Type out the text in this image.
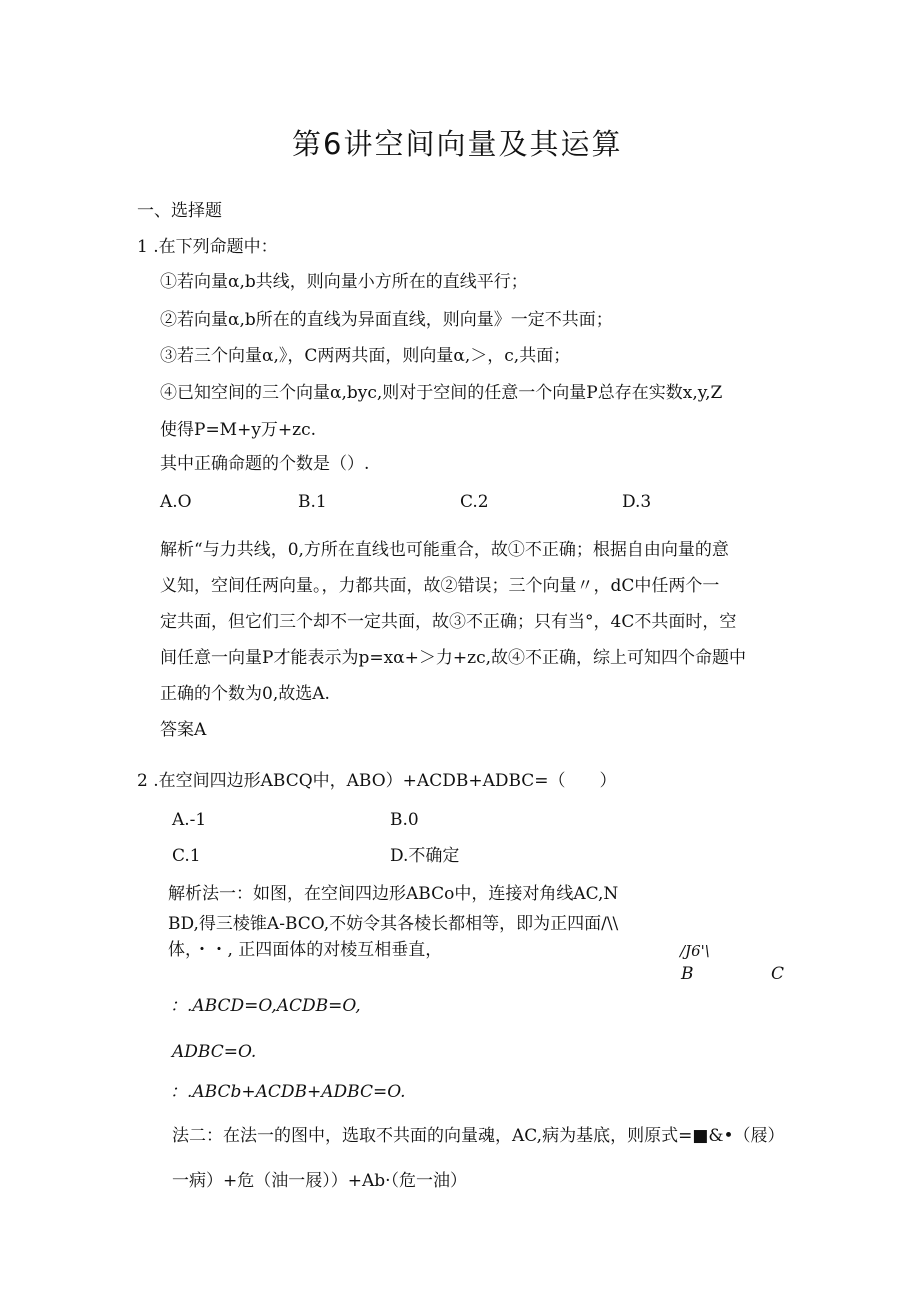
第6讲空间向量及其运算
一、选择题
1 .在下列命题中：
①若向量α,b共线，则向量小方所在的直线平行；
②若向量α,b所在的直线为异面直线，则向量》一定不共面；
③若三个向量α,》，C两两共面，则向量α,＞，c,共面；
④已知空间的三个向量α,byc,则对于空间的任意一个向量P总存在实数x,y,Z
使得P=M+y万+zc.
其中正确命题的个数是（）.
A.O	B.1	C.2	D.3
解析“与力共线，0,方所在直线也可能重合，故①不正确；根据自由向量的意
义知，空间任两向量。，力都共面，故②错误；三个向量〃，dC中任两个一
定共面，但它们三个却不一定共面，故③不正确；只有当°，4C不共面时，空
间任意一向量P才能表示为p=xα+＞力+zc,故④不正确，综上可知四个命题中
正确的个数为0,故选A.
答案A
2 .在空间四边形ABCQ中，ABO）+ACDB+ADBC=（　　）
A.-1	B.0
C.1	D.不确定
解析法一：如图，在空间四边形ABCo中，连接对角线AC,N
BD,得三棱锥A-BCO,不妨令其各棱长都相等，即为正四面/\\
体，・・, 正四面体的对棱互相垂直，	/J6'\
B	C
：.ABCD=O,ACDB=O,
ADBC=O.
：.ABCb+ACDB+ADBC=O.
法二：在法一的图中，选取不共面的向量魂，AC,病为基底，则原式=■&•（屐）
一病）+危（油一屐））+Ab·（危一油）
